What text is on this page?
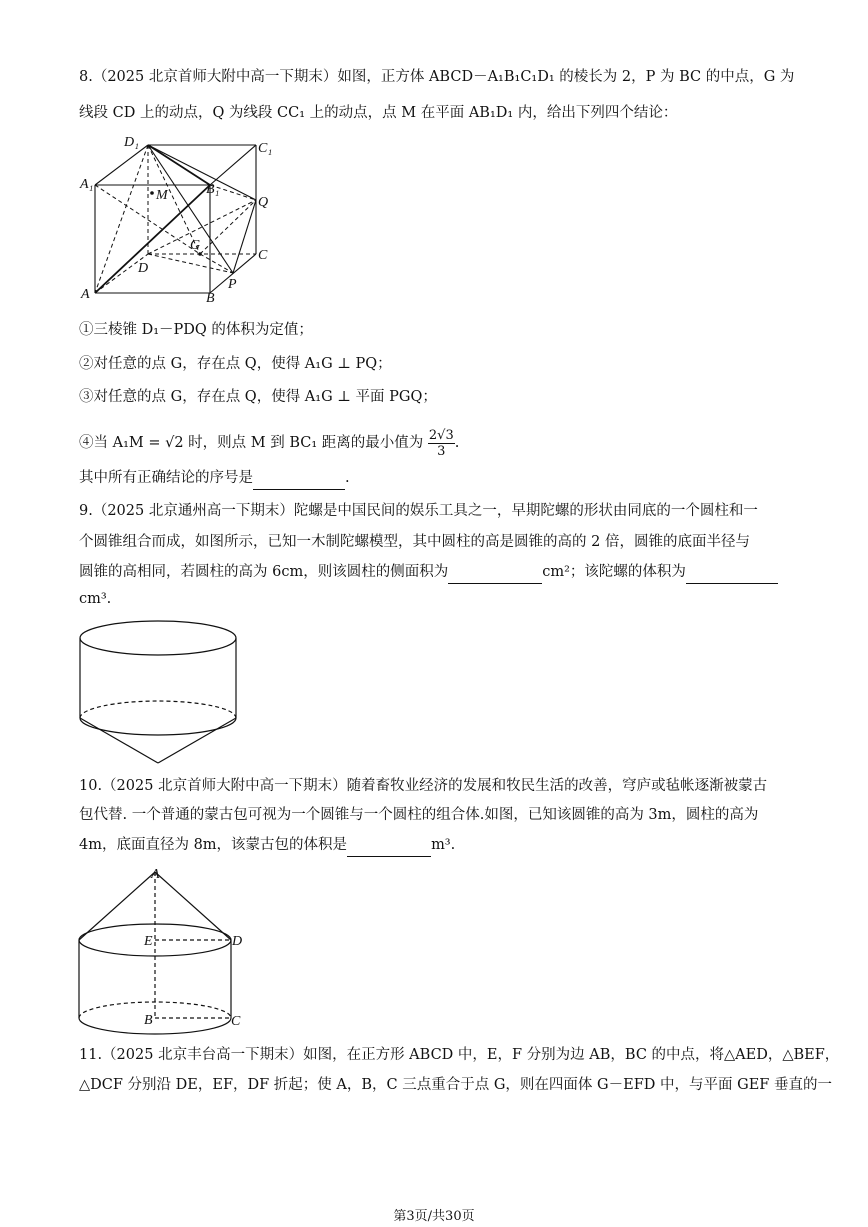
8.（2025 北京首师大附中高一下期末）如图，正方体 ABCD－A₁B₁C₁D₁ 的棱长为 2，P 为 BC 的中点，G 为
线段 CD 上的动点，Q 为线段 CC₁ 上的动点，点 M 在平面 AB₁D₁ 内，给出下列四个结论：
D₁	C₁
A₁	B₁
M	Q
G
D
C
A	B
P
①三棱锥 D₁－PDQ 的体积为定值；
②对任意的点 G，存在点 Q，使得 A₁G ⊥ PQ；
③对任意的点 G，存在点 Q，使得 A₁G ⊥ 平面 PGQ；
④当 A₁M = √2 时，则点 M 到 BC₁ 距离的最小值为 $\frac{2√3}{3}$ .
其中所有正确结论的序号是	.
9.（2025 北京通州高一下期末）陀螺是中国民间的娱乐工具之一，早期陀螺的形状由同底的一个圆柱和一
个圆锥组合而成，如图所示，已知一木制陀螺模型，其中圆柱的高是圆锥的高的 2 倍，圆锥的底面半径与
圆锥的高相同，若圆柱的高为 6cm，则该圆柱的侧面积为	cm²；该陀螺的体积为
cm³.
10.（2025 北京首师大附中高一下期末）随着畜牧业经济的发展和牧民生活的改善，穹庐或毡帐逐渐被蒙古
包代替. 一个普通的蒙古包可视为一个圆锥与一个圆柱的组合体.如图，已知该圆锥的高为 3m，圆柱的高为
4m，底面直径为 8m，该蒙古包的体积是	m³.
A
E	D
B	C
11.（2025 北京丰台高一下期末）如图，在正方形 ABCD 中，E，F 分别为边 AB，BC 的中点，将△AED，△BEF，
△DCF 分别沿 DE，EF，DF 折起；使 A，B，C 三点重合于点 G，则在四面体 G－EFD 中，与平面 GEF 垂直的一
第3页/共30页
